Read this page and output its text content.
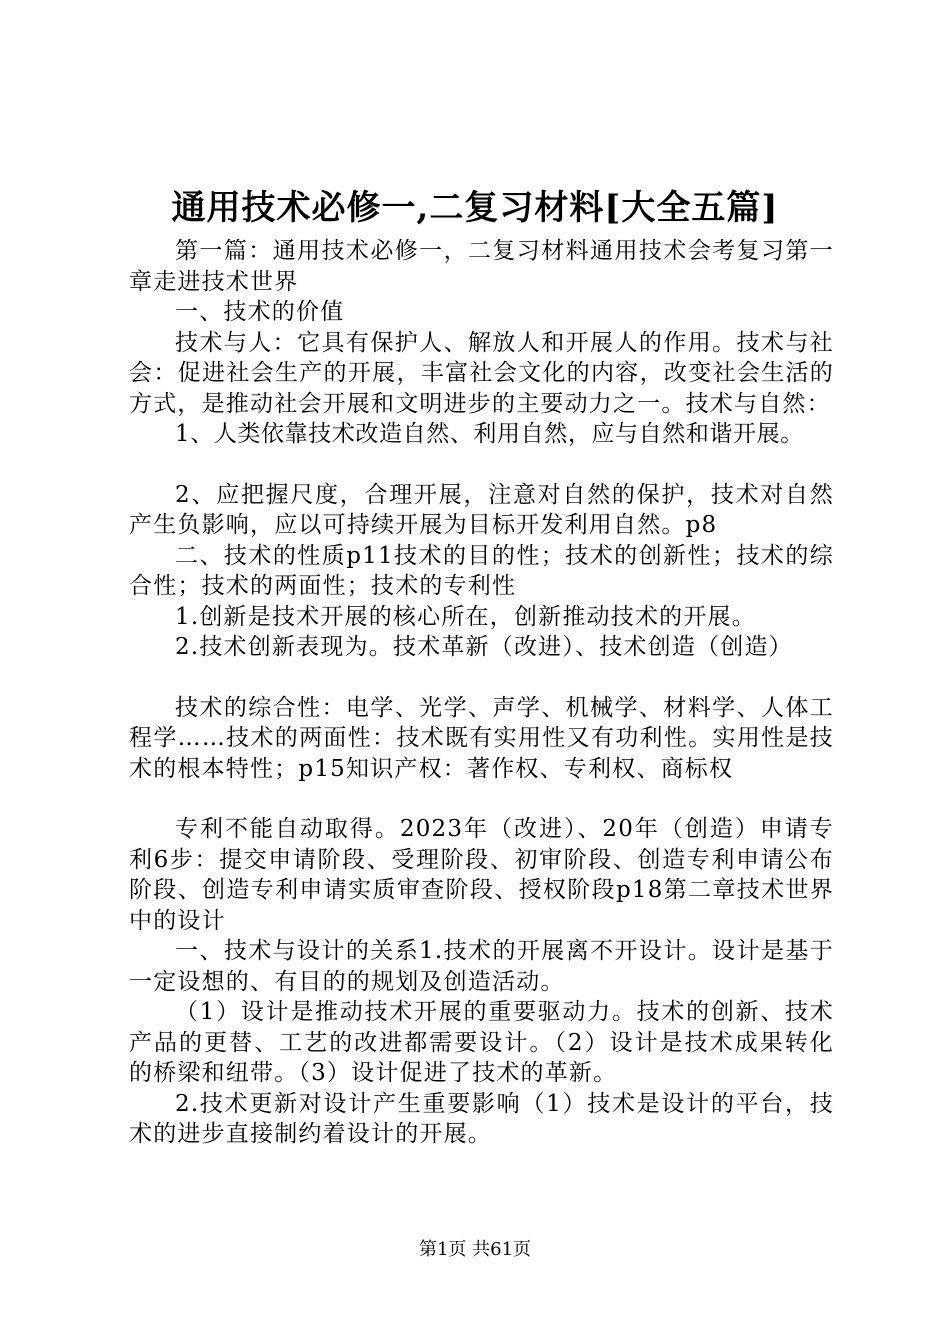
通用技术必修一,二复习材料[大全五篇]

第一篇：通用技术必修一，二复习材料通用技术会考复习第一章走进技术世界

一、技术的价值

技术与人：它具有保护人、解放人和开展人的作用。技术与社会：促进社会生产的开展，丰富社会文化的内容，改变社会生活的方式，是推动社会开展和文明进步的主要动力之一。技术与自然：

1、人类依靠技术改造自然、利用自然，应与自然和谐开展。

2、应把握尺度，合理开展，注意对自然的保护，技术对自然产生负影响，应以可持续开展为目标开发利用自然。p8

二、技术的性质p11技术的目的性；技术的创新性；技术的综合性；技术的两面性；技术的专利性

1.创新是技术开展的核心所在，创新推动技术的开展。

2.技术创新表现为。技术革新（改进）、技术创造（创造）

技术的综合性：电学、光学、声学、机械学、材料学、人体工程学……技术的两面性：技术既有实用性又有功利性。实用性是技术的根本特性；p15知识产权：著作权、专利权、商标权

专利不能自动取得。2023年（改进）、20年（创造）申请专利6步：提交申请阶段、受理阶段、初审阶段、创造专利申请公布阶段、创造专利申请实质审查阶段、授权阶段p18第二章技术世界中的设计

一、技术与设计的关系1.技术的开展离不开设计。设计是基于一定设想的、有目的的规划及创造活动。

（1）设计是推动技术开展的重要驱动力。技术的创新、技术产品的更替、工艺的改进都需要设计。（2）设计是技术成果转化的桥梁和纽带。（3）设计促进了技术的革新。

2.技术更新对设计产生重要影响（1）技术是设计的平台，技术的进步直接制约着设计的开展。

第1页 共61页
